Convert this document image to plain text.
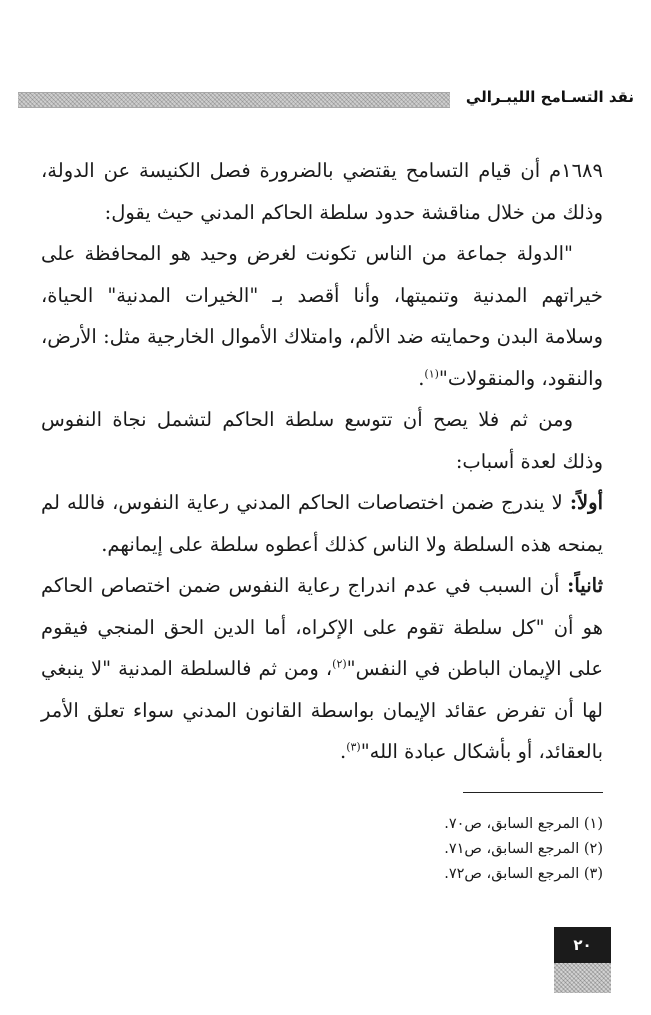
نقد التسـامح الليبـرالي

١٦٨٩م أن قيام التسامح يقتضي بالضرورة فصل الكنيسة عن الدولة، وذلك من خلال مناقشة حدود سلطة الحاكم المدني حيث يقول:

"الدولة جماعة من الناس تكونت لغرض وحيد هو المحافظة على خيراتهم المدنية وتنميتها، وأنا أقصد بـ "الخيرات المدنية" الحياة، وسلامة البدن وحمايته ضد الألم، وامتلاك الأموال الخارجية مثل: الأرض، والنقود، والمنقولات"$^{(١)}$.

ومن ثم فلا يصح أن تتوسع سلطة الحاكم لتشمل نجاة النفوس وذلك لعدة أسباب:

أولاً: لا يندرج ضمن اختصاصات الحاكم المدني رعاية النفوس، فالله لم يمنحه هذه السلطة ولا الناس كذلك أعطوه سلطة على إيمانهم.

ثانياً: أن السبب في عدم اندراج رعاية النفوس ضمن اختصاص الحاكم هو أن "كل سلطة تقوم على الإكراه، أما الدين الحق المنجي فيقوم على الإيمان الباطن في النفس"$^{(٢)}$، ومن ثم فالسلطة المدنية "لا ينبغي لها أن تفرض عقائد الإيمان بواسطة القانون المدني سواء تعلق الأمر بالعقائد، أو بأشكال عبادة الله"$^{(٣)}$.

(١) المرجع السابق، ص٧٠.

(٢) المرجع السابق، ص٧١.

(٣) المرجع السابق، ص٧٢.

٢٠
